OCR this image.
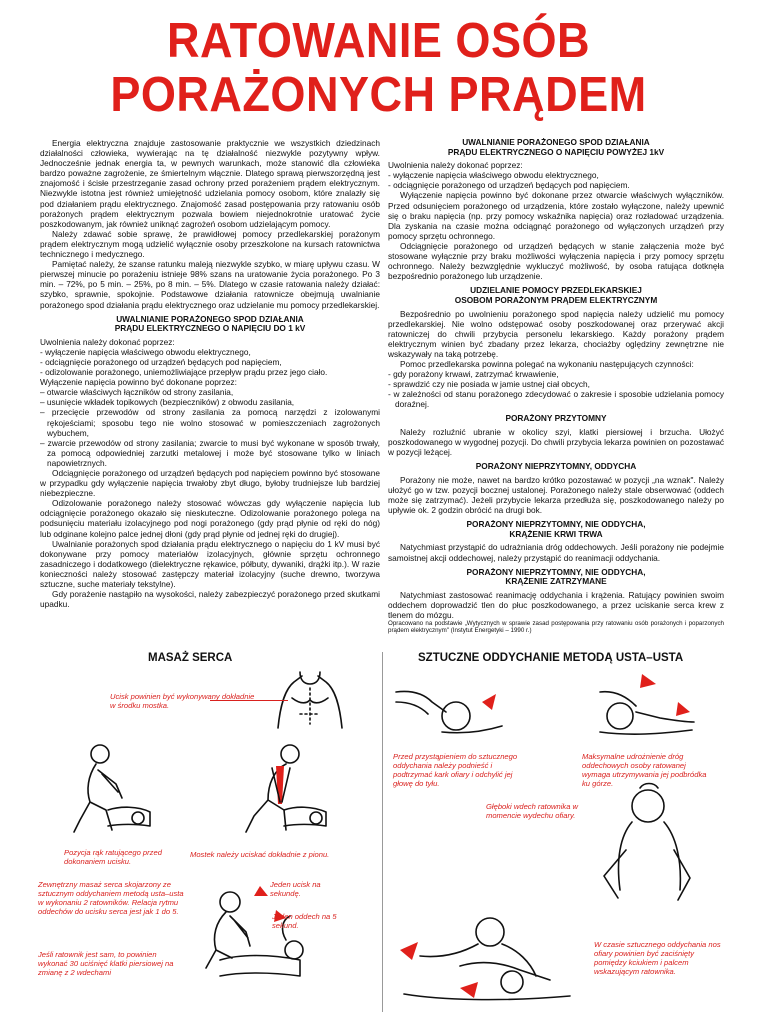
RATOWANIE OSÓB
PORAŻONYCH PRĄDEM

Energia elektryczna znajduje zastosowanie praktycznie we wszystkich dziedzinach działalności człowieka, wywierając na tę działalność niezwykle pozytywny wpływ. Jednocześnie jednak energia ta, w pewnych warunkach, może stanowić dla człowieka bardzo poważne zagrożenie, ze śmiertelnym włącznie. Dlatego sprawą pierwszorzędną jest znajomość i ścisłe przestrzeganie zasad ochrony przed porażeniem prądem elektrycznym. Niezwykle istotna jest również umiejętność udzielania pomocy osobom, które znalazły się pod działaniem prądu elektrycznego. Znajomość zasad postępowania przy ratowaniu osób porażonych prądem elektrycznym pozwala bowiem niejednokrotnie uratować życie poszkodowanym, jak również uniknąć zagrożeń osobom udzielającym pomocy.

Należy zdawać sobie sprawę, że prawidłowej pomocy przedlekarskiej porażonym prądem elektrycznym mogą udzielić wyłącznie osoby przeszkolone na kursach ratownictwa technicznego i medycznego.

Pamiętać należy, że szanse ratunku maleją niezwykle szybko, w miarę upływu czasu. W pierwszej minucie po porażeniu istnieje 98% szans na uratowanie życia porażonego. Po 3 min. – 72%, po 5 min. – 25%, po 8 min. – 5%. Dlatego w czasie ratowania należy działać: szybko, sprawnie, spokojnie. Podstawowe działania ratownicze obejmują uwalnianie porażonego spod działania prądu elektrycznego oraz udzielanie mu pomocy przedlekarskiej.

UWALNIANIE PORAŻONEGO SPOD DZIAŁANIA
PRĄDU ELEKTRYCZNEGO O NAPIĘCIU DO 1 kV

Uwolnienia należy dokonać poprzez:

- wyłączenie napięcia właściwego obwodu elektrycznego,
- odciągnięcie porażonego od urządzeń będących pod napięciem,
- odizolowanie porażonego, uniemożliwiające przepływ prądu przez jego ciało.

Wyłączenie napięcia powinno być dokonane poprzez:

– otwarcie właściwych łączników od strony zasilania,
– usunięcie wkładek topikowych (bezpieczników) z obwodu zasilania,
– przecięcie przewodów od strony zasilania za pomocą narzędzi z izolowanymi rękojeściami; sposobu tego nie wolno stosować w pomieszczeniach zagrożonych wybuchem,
– zwarcie przewodów od strony zasilania; zwarcie to musi być wykonane w sposób trwały, za pomocą odpowiedniej zarzutki metalowej i może być stosowane tylko w liniach napowietrznych.

Odciągnięcie porażonego od urządzeń będących pod napięciem powinno być stosowane w przypadku gdy wyłączenie napięcia trwałoby zbyt długo, byłoby trudniejsze lub bardziej niebezpieczne.

Odizolowanie porażonego należy stosować wówczas gdy wyłączenie napięcia lub odciągnięcie porażonego okazało się nieskuteczne. Odizolowanie porażonego polega na podsunięciu materiału izolacyjnego pod nogi porażonego (gdy prąd płynie od ręki do nóg) lub odginane kolejno palce jednej dłoni (gdy prąd płynie od jednej ręki do drugiej).

Uwalnianie porażonych spod działania prądu elektrycznego o napięciu do 1 kV musi być dokonywane przy pomocy materiałów izolacyjnych, głównie sprzętu ochronnego zasadniczego i dodatkowego (dielektryczne rękawice, półbuty, dywaniki, drążki itp.). W razie konieczności należy stosować zastępczy materiał izolacyjny (suche drewno, tworzywa sztuczne, suche materiały tekstylne).

Gdy porażenie nastąpiło na wysokości, należy zabezpieczyć porażonego przed skutkami upadku.

UWALNIANIE PORAŻONEGO SPOD DZIAŁANIA
PRĄDU ELEKTRYCZNEGO O NAPIĘCIU POWYŻEJ 1kV

Uwolnienia należy dokonać poprzez:

- wyłączenie napięcia właściwego obwodu elektrycznego,
- odciągnięcie porażonego od urządzeń będących pod napięciem.

Wyłączenie napięcia powinno być dokonane przez otwarcie właściwych wyłączników. Przed odsunięciem porażonego od urządzenia, które zostało wyłączone, należy upewnić się o braku napięcia (np. przy pomocy wskaźnika napięcia) oraz rozładować urządzenia. Dla zyskania na czasie można odciągnąć porażonego od wyłączonych urządzeń przy pomocy sprzętu ochronnego.

Odciągnięcie porażonego od urządzeń będących w stanie załączenia może być stosowane wyłącznie przy braku możliwości wyłączenia napięcia i przy pomocy sprzętu ochronnego. Należy bezwzględnie wykluczyć możliwość, by osoba ratująca dotknęła bezpośrednio porażonego lub urządzenie.

UDZIELANIE POMOCY PRZEDLEKARSKIEJ
OSOBOM PORAŻONYM PRĄDEM ELEKTRYCZNYM

Bezpośrednio po uwolnieniu porażonego spod napięcia należy udzielić mu pomocy przedlekarskiej. Nie wolno odstępować osoby poszkodowanej oraz przerywać akcji ratowniczej do chwili przybycia personelu lekarskiego. Każdy porażony prądem elektrycznym winien być zbadany przez lekarza, chociażby oględziny zewnętrzne nie wskazywały na taką potrzebę.

Pomoc przedlekarska powinna polegać na wykonaniu następujących czynności:

- gdy porażony krwawi, zatrzymać krwawienie,
- sprawdzić czy nie posiada w jamie ustnej ciał obcych,
- w zależności od stanu porażonego zdecydować o zakresie i sposobie udzielania pomocy doraźnej.
PORAŻONY PRZYTOMNY

Należy rozluźnić ubranie w okolicy szyi, klatki piersiowej i brzucha. Ułożyć poszkodowanego w wygodnej pozycji. Do chwili przybycia lekarza powinien on pozostawać w pozycji leżącej.

PORAŻONY NIEPRZYTOMNY, ODDYCHA

Porażony nie może, nawet na bardzo krótko pozostawać w pozycji „na wznak". Należy ułożyć go w tzw. pozycji bocznej ustalonej. Porażonego należy stale obserwować (oddech może się zatrzymać). Jeżeli przybycie lekarza przedłuża się, poszkodowanego należy po upływie ok. 2 godzin obrócić na drugi bok.

PORAŻONY NIEPRZYTOMNY, NIE ODDYCHA,
KRĄŻENIE KRWI TRWA

Natychmiast przystąpić do udrażniania dróg oddechowych. Jeśli porażony nie podejmie samoistnej akcji oddechowej, należy przystąpić do reanimacji oddychania.

PORAŻONY NIEPRZYTOMNY, NIE ODDYCHA,
KRĄŻENIE ZATRZYMANE

Natychmiast zastosować reanimację oddychania i krążenia. Ratujący powinien swoim oddechem doprowadzić tlen do płuc poszkodowanego, a przez uciskanie serca krew z tlenem do mózgu.

Opracowano na podstawie „Wytycznych w sprawie zasad postępowania przy ratowaniu osób porażonych i poparzonych prądem elektrycznym" (Instytut Energetyki – 1990 r.)

MASAŻ SERCA	SZTUCZNE ODDYCHANIE METODĄ USTA–USTA
Ucisk powinien być wykonywany dokładnie w środku mostka.
Pozycja rąk ratującego przed dokonaniem ucisku.
Mostek należy uciskać dokładnie z pionu.
Zewnętrzny masaż serca skojarzony ze sztucznym oddychaniem metodą usta–usta w wykonaniu 2 ratowników. Relacja rytmu oddechów do ucisku serca jest jak 1 do 5.
Jeden ucisk na sekundę.
Jeden oddech na 5 sekund.
Jeśli ratownik jest sam, to powinien wykonać 30 uciśnięć klatki piersiowej na zmianę z 2 wdechami
Przed przystąpieniem do sztucznego oddychania należy podnieść i podtrzymać kark ofiary i odchylić jej głowę do tyłu.
Maksymalne udrożnienie dróg oddechowych osoby ratowanej wymaga utrzymywania jej podbródka ku górze.
Głęboki wdech ratownika w momencie wydechu ofiary.
W czasie sztucznego oddychania nos ofiary powinien być zaciśnięty pomiędzy kciukiem i palcem wskazującym ratownika.
